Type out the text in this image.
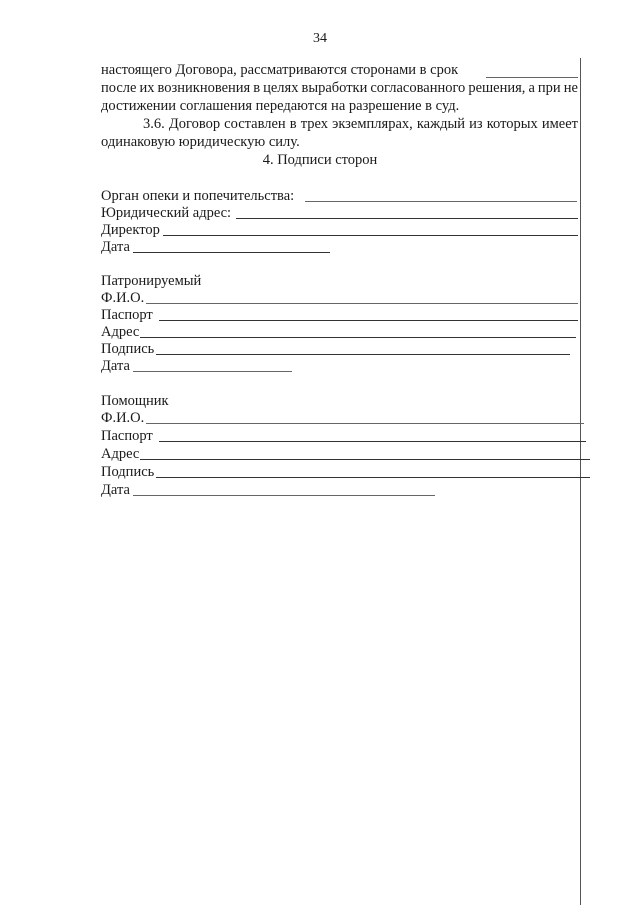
34
настоящего Договора, рассматриваются сторонами в срок
после их возникновения в целях выработки согласованного решения, а при не
достижении соглашения передаются на разрешение в суд.
3.6. Договор составлен в трех экземплярах, каждый из которых имеет
одинаковую юридическую силу.
4. Подписи сторон
Орган опеки и попечительства:
Юридический адрес:
Директор
Дата
Патронируемый
Ф.И.О.
Паспорт
Адрес
Подпись
Дата
Помощник
Ф.И.О.
Паспорт
Адрес
Подпись
Дата
